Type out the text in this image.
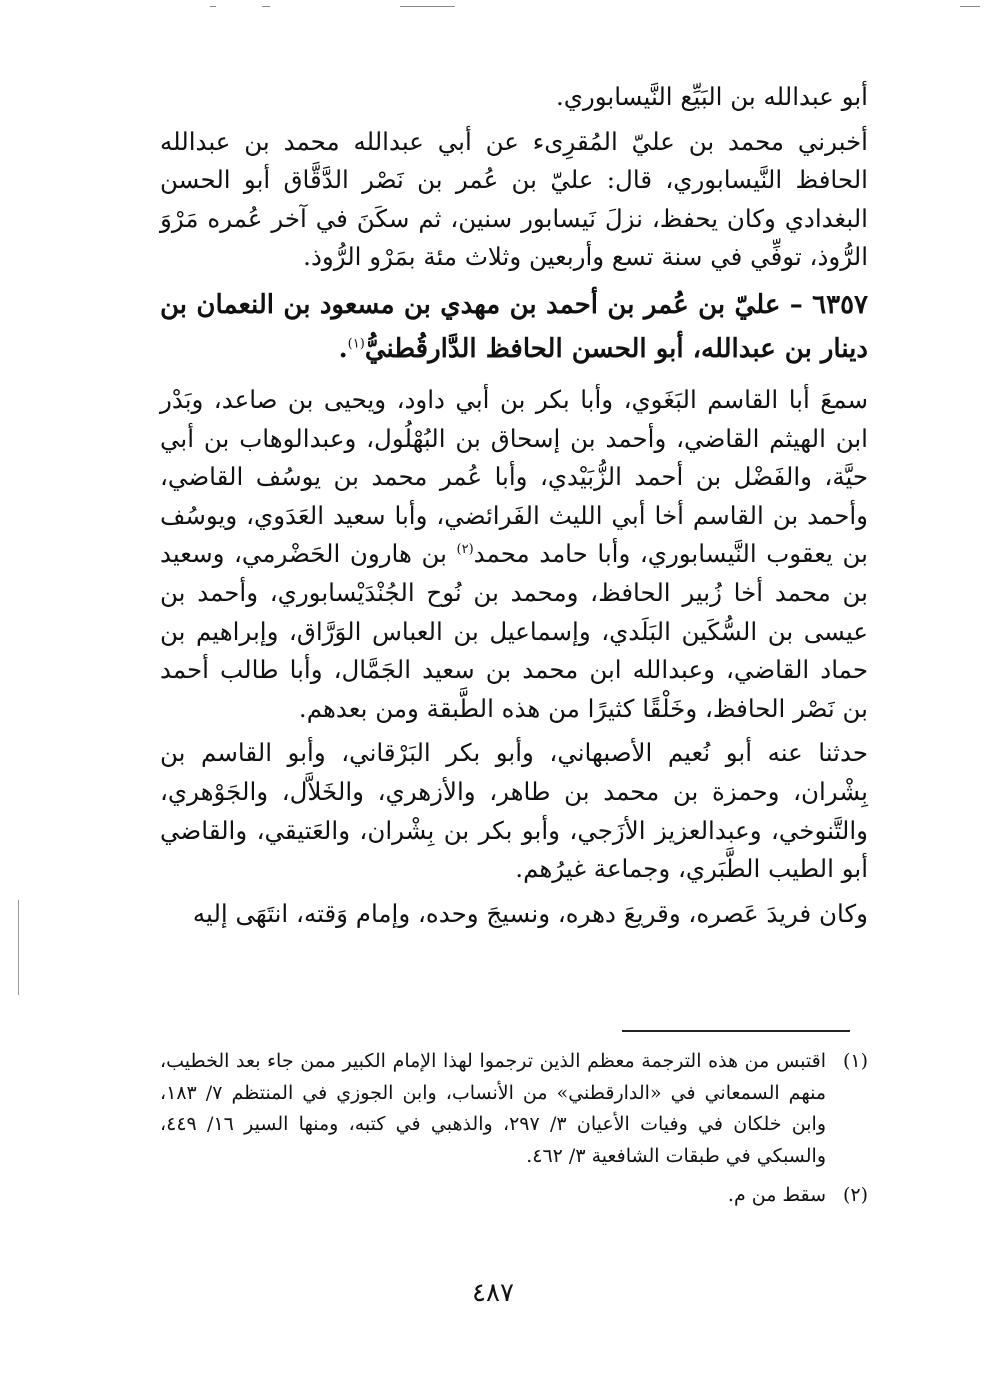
أبو عبدالله بن البَيِّع النَّيسابوري.

أخبرني محمد بن عليّ المُقرِىء عن أبي عبدالله محمد بن عبدالله الحافظ النَّيسابوري، قال: عليّ بن عُمر بن نَصْر الدَّقَّاق أبو الحسن البغدادي وكان يحفظ، نزلَ نَيسابور سنين، ثم سكَنَ في آخر عُمره مَرْوَ الرُّوذ، توفِّي في سنة تسع وأربعين وثلاث مئة بمَرْو الرُّوذ.

٦٣٥٧ – عليّ بن عُمر بن أحمد بن مهدي بن مسعود بن النعمان بن دينار بن عبدالله، أبو الحسن الحافظ الدَّارقُطنيُّ$^{(١)}$.

سمعَ أبا القاسم البَغَوي، وأبا بكر بن أبي داود، ويحيى بن صاعد، وبَدْر ابن الهيثم القاضي، وأحمد بن إسحاق بن البُهْلُول، وعبدالوهاب بن أبي حيَّة، والفَضْل بن أحمد الزُّبَيْدي، وأبا عُمر محمد بن يوسُف القاضي، وأحمد بن القاسم أخا أبي الليث الفَرائضي، وأبا سعيد العَدَوي، ويوسُف بن يعقوب النَّيسابوري، وأبا حامد محمد$^{(٢)}$ بن هارون الحَضْرمي، وسعيد بن محمد أخا زُبير الحافظ، ومحمد بن نُوح الجُنْدَيْسابوري، وأحمد بن عيسى بن السُّكَين البَلَدي، وإسماعيل بن العباس الوَرَّاق، وإبراهيم بن حماد القاضي، وعبدالله ابن محمد بن سعيد الجَمَّال، وأبا طالب أحمد بن نَصْر الحافظ، وخَلْقًا كثيرًا من هذه الطَّبقة ومن بعدهم.

حدثنا عنه أبو نُعيم الأصبهاني، وأبو بكر البَرْقاني، وأبو القاسم بن بِشْران، وحمزة بن محمد بن طاهر، والأزهري، والخَلاَّل، والجَوْهري، والتَّنوخي، وعبدالعزيز الأزَجي، وأبو بكر بن بِشْران، والعَتيقي، والقاضي أبو الطيب الطَّبَري، وجماعة غيرُهم.

وكان فريدَ عَصره، وقريعَ دهره، ونسيجَ وحده، وإمام وَقته، انتَهَى إليه

(١)
اقتبس من هذه الترجمة معظم الذين ترجموا لهذا الإمام الكبير ممن جاء بعد الخطيب، منهم السمعاني في «الدارقطني» من الأنساب، وابن الجوزي في المنتظم ٧/ ١٨٣، وابن خلكان في وفيات الأعيان ٣/ ٢٩٧، والذهبي في كتبه، ومنها السير ١٦/ ٤٤٩، والسبكي في طبقات الشافعية ٣/ ٤٦٢.
(٢)
سقط من م.
٤٨٧
